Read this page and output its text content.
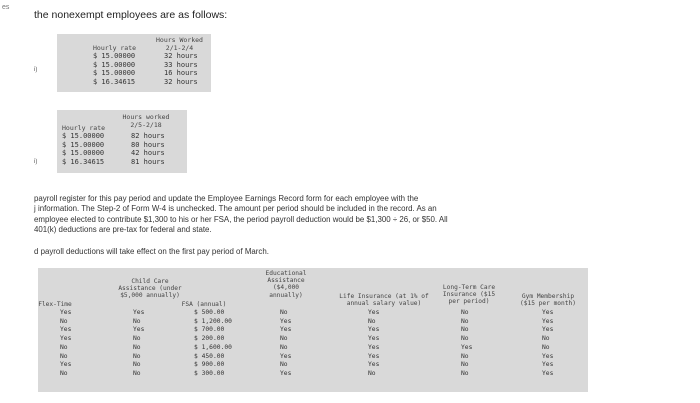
es
the nonexempt employees are as follows:
i)
Hours Worked
2/1-2/4
Hourly rate
$ 15.00000
$ 15.00000
$ 15.00000
$ 16.34615
32 hours
33 hours
16 hours
32 hours
i)
Hours worked
2/5-2/18
Hourly rate
$ 15.00000
$ 15.00000
$ 15.00000
$ 16.34615
82 hours
80 hours
42 hours
81 hours
payroll register for this pay period and update the Employee Earnings Record form for each employee with the
j information. The Step-2 of Form W-4 is unchecked. The amount per period should be included in the record. As an
employee elected to contribute $1,300 to his or her FSA, the period payroll deduction would be $1,300 ÷ 26, or $50. All
401(k) deductions are pre-tax for federal and state.
d payroll deductions will take effect on the first pay period of March.
Flex-Time
Child Care
Assistance (under
$5,000 annually)
FSA (annual)
Educational
Assistance
($4,000
annually)	Life Insurance (at 1% of
annual salary value)
Long-Term Care
Insurance ($15
per period)
Gym Membership
($15 per month)
Yes
No
Yes
Yes
No
No
Yes
No
Yes
No
Yes
No
No
No
No
No
$ 500.00
$ 1,200.00
$ 700.00
$ 200.00
$ 1,600.00
$ 450.00
$ 900.00
$ 300.00
No
Yes
Yes
No
No
Yes
No
Yes
Yes
No
Yes
Yes
Yes
Yes
Yes
No
No
No
No
No
Yes
No
No
No
Yes
Yes
Yes
No
No
Yes
Yes
Yes
